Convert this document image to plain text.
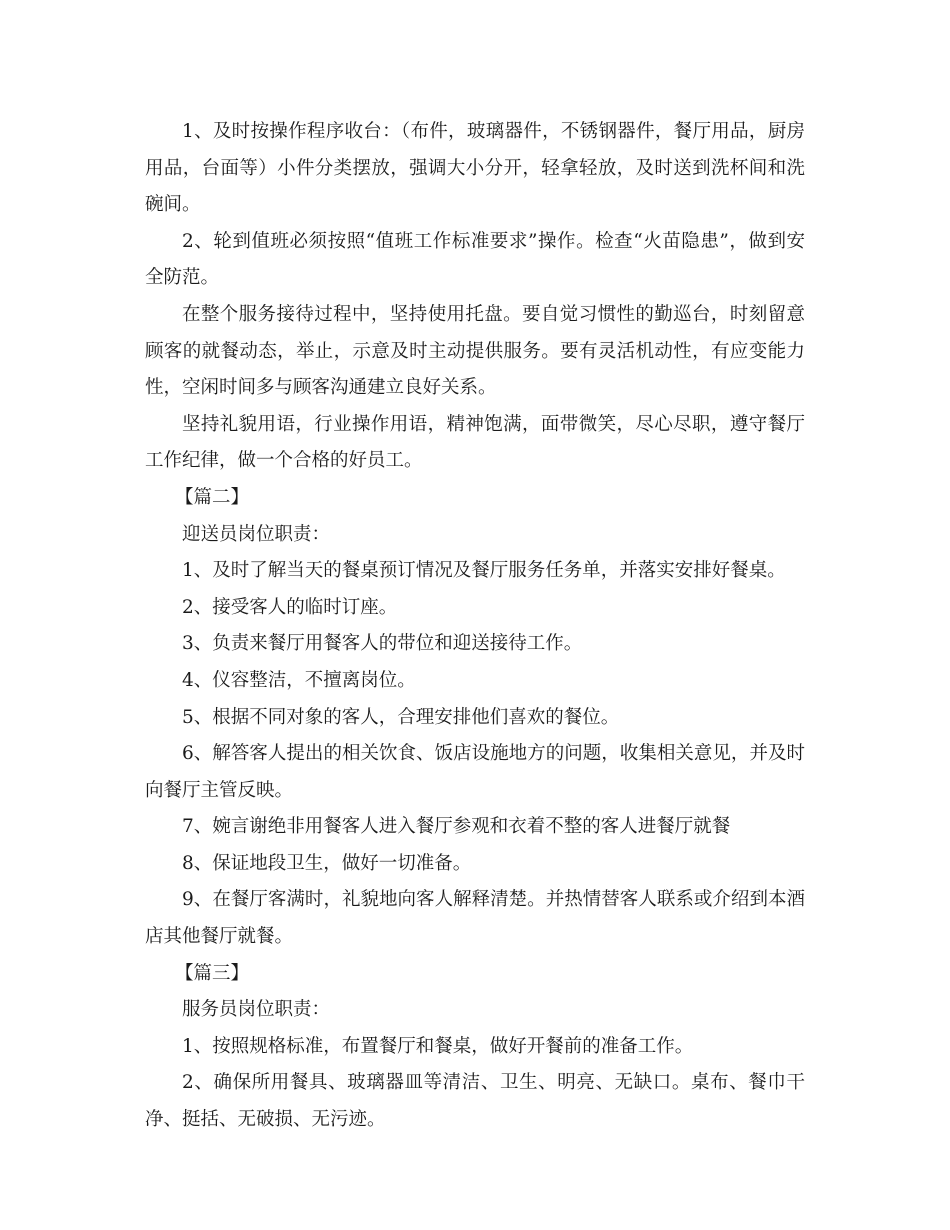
1、及时按操作程序收台：（布件，玻璃器件，不锈钢器件，餐厅用品，厨房用品，台面等）小件分类摆放，强调大小分开，轻拿轻放，及时送到洗杯间和洗碗间。

2、轮到值班必须按照“值班工作标准要求”操作。检查“火苗隐患”，做到安全防范。

在整个服务接待过程中，坚持使用托盘。要自觉习惯性的勤巡台，时刻留意顾客的就餐动态，举止，示意及时主动提供服务。要有灵活机动性，有应变能力性，空闲时间多与顾客沟通建立良好关系。

坚持礼貌用语，行业操作用语，精神饱满，面带微笑，尽心尽职，遵守餐厅工作纪律，做一个合格的好员工。

【篇二】

迎送员岗位职责：

1、及时了解当天的餐桌预订情况及餐厅服务任务单，并落实安排好餐桌。

2、接受客人的临时订座。

3、负责来餐厅用餐客人的带位和迎送接待工作。

4、仪容整洁，不擅离岗位。

5、根据不同对象的客人，合理安排他们喜欢的餐位。

6、解答客人提出的相关饮食、饭店设施地方的问题，收集相关意见，并及时向餐厅主管反映。

7、婉言谢绝非用餐客人进入餐厅参观和衣着不整的客人进餐厅就餐

8、保证地段卫生，做好一切准备。

9、在餐厅客满时，礼貌地向客人解释清楚。并热情替客人联系或介绍到本酒店其他餐厅就餐。

【篇三】

服务员岗位职责：

1、按照规格标准，布置餐厅和餐桌，做好开餐前的准备工作。

2、确保所用餐具、玻璃器皿等清洁、卫生、明亮、无缺口。桌布、餐巾干净、挺括、无破损、无污迹。
